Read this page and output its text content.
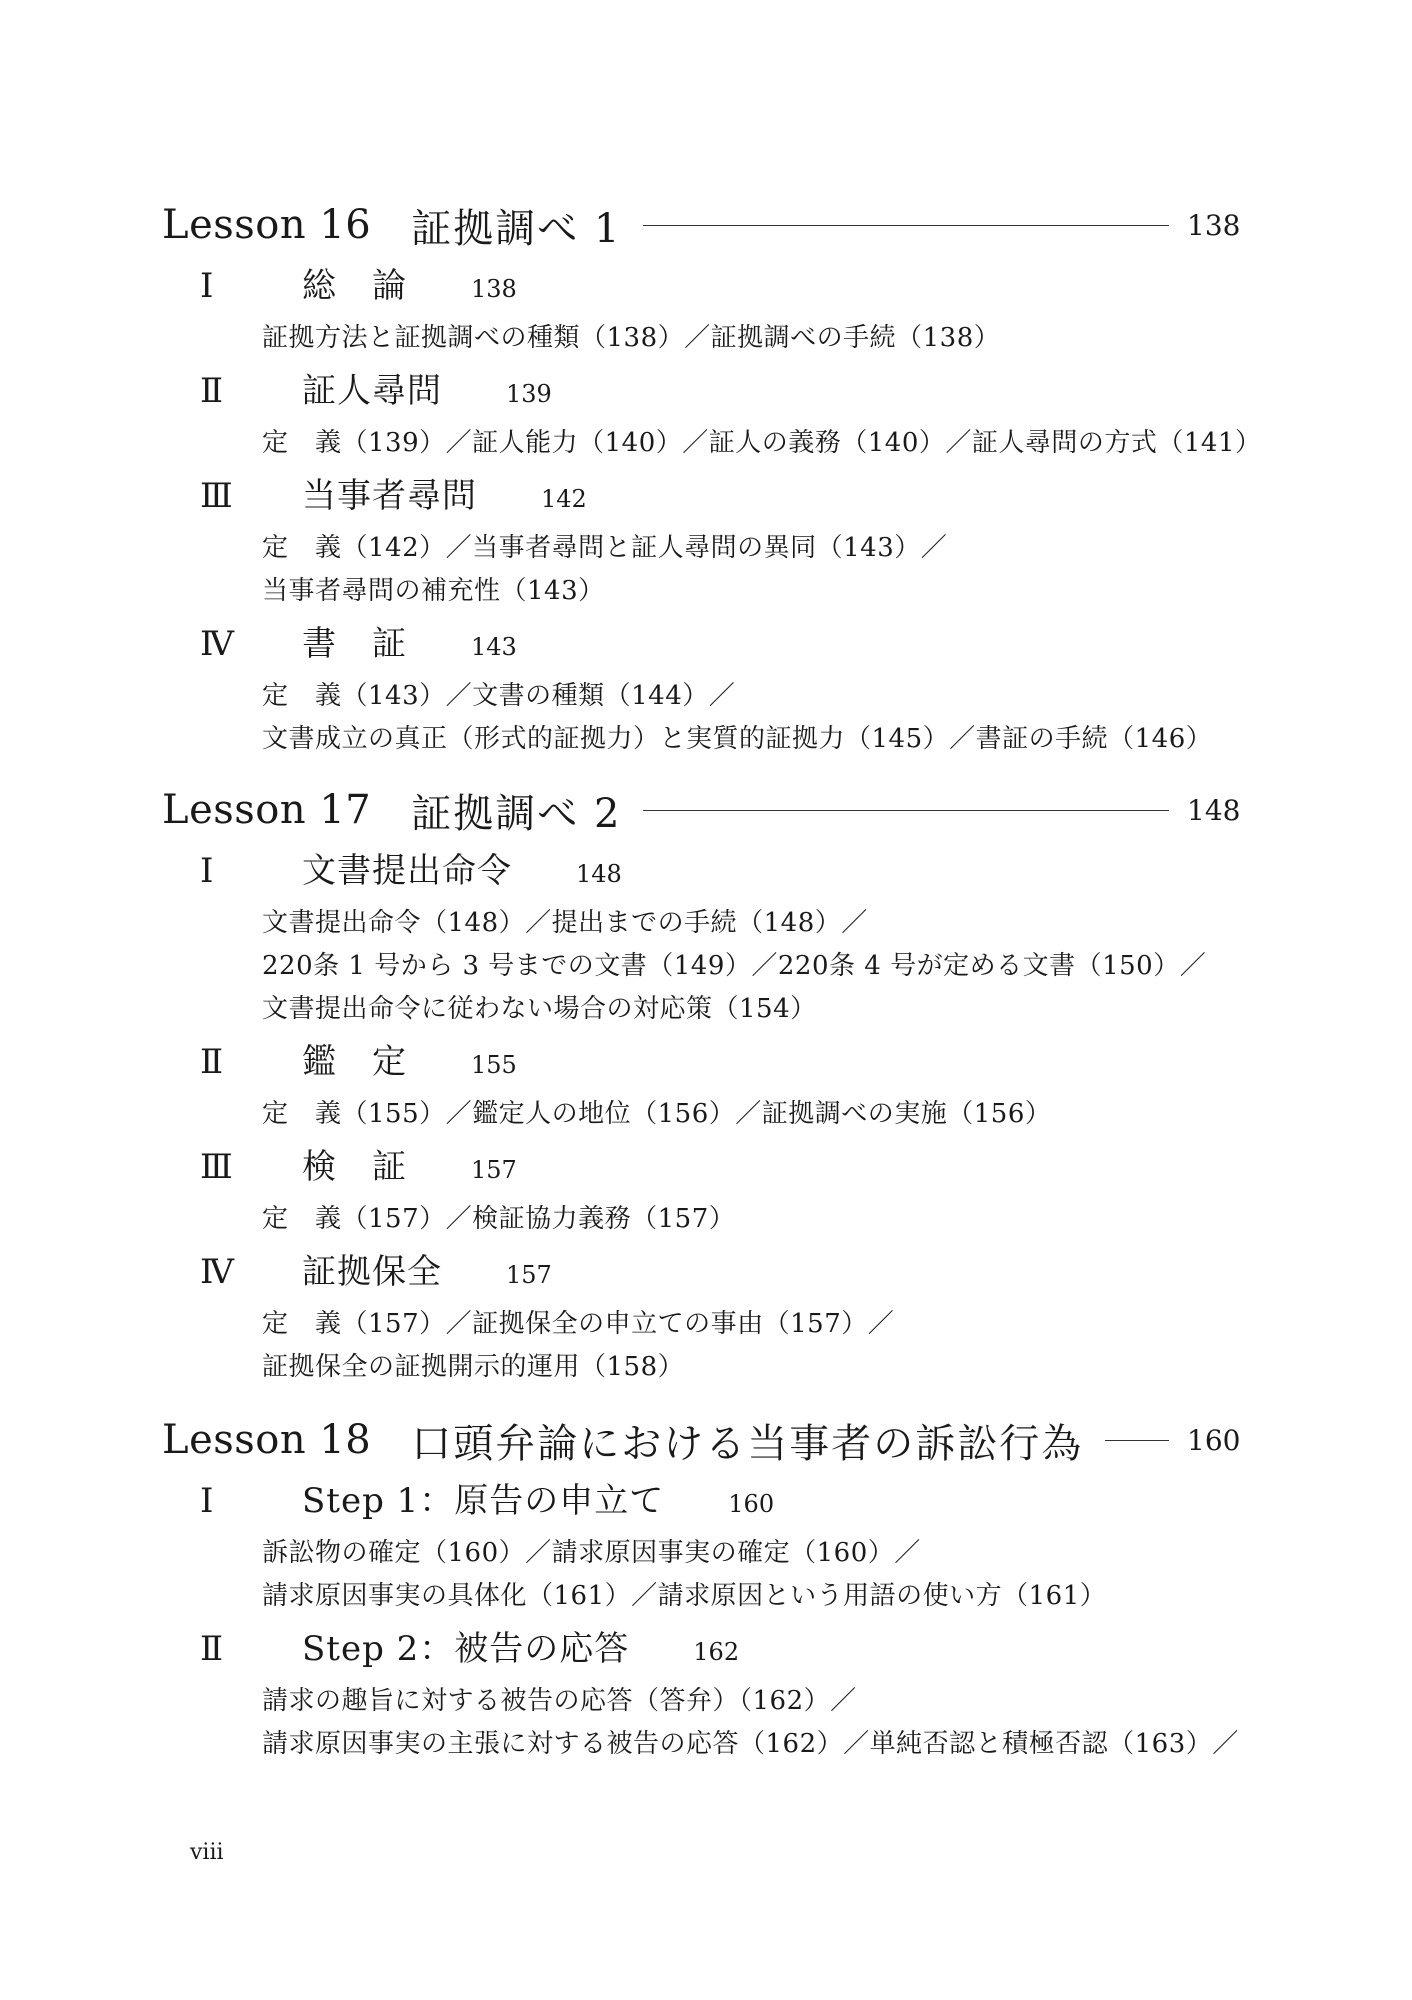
Lesson 16 証拠調べ 1	138
Ⅰ	総　論	138
証拠方法と証拠調べの種類（138）／証拠調べの手続（138）
Ⅱ	証人尋問	139
定　義（139）／証人能力（140）／証人の義務（140）／証人尋問の方式（141）
Ⅲ	当事者尋問	142
定　義（142）／当事者尋問と証人尋問の異同（143）／
当事者尋問の補充性（143）
Ⅳ	書　証	143
定　義（143）／文書の種類（144）／
文書成立の真正（形式的証拠力）と実質的証拠力（145）／書証の手続（146）
Lesson 17 証拠調べ 2	148
Ⅰ	文書提出命令	148
文書提出命令（148）／提出までの手続（148）／
220条 1 号から 3 号までの文書（149）／220条 4 号が定める文書（150）／
文書提出命令に従わない場合の対応策（154）
Ⅱ	鑑　定	155
定　義（155）／鑑定人の地位（156）／証拠調べの実施（156）
Ⅲ	検　証	157
定　義（157）／検証協力義務（157）
Ⅳ	証拠保全	157
定　義（157）／証拠保全の申立ての事由（157）／
証拠保全の証拠開示的運用（158）
Lesson 18 口頭弁論における当事者の訴訟行為	160
Ⅰ	Step 1：原告の申立て	160
訴訟物の確定（160）／請求原因事実の確定（160）／
請求原因事実の具体化（161）／請求原因という用語の使い方（161）
Ⅱ	Step 2：被告の応答	162
請求の趣旨に対する被告の応答（答弁）（162）／
請求原因事実の主張に対する被告の応答（162）／単純否認と積極否認（163）／
viii
